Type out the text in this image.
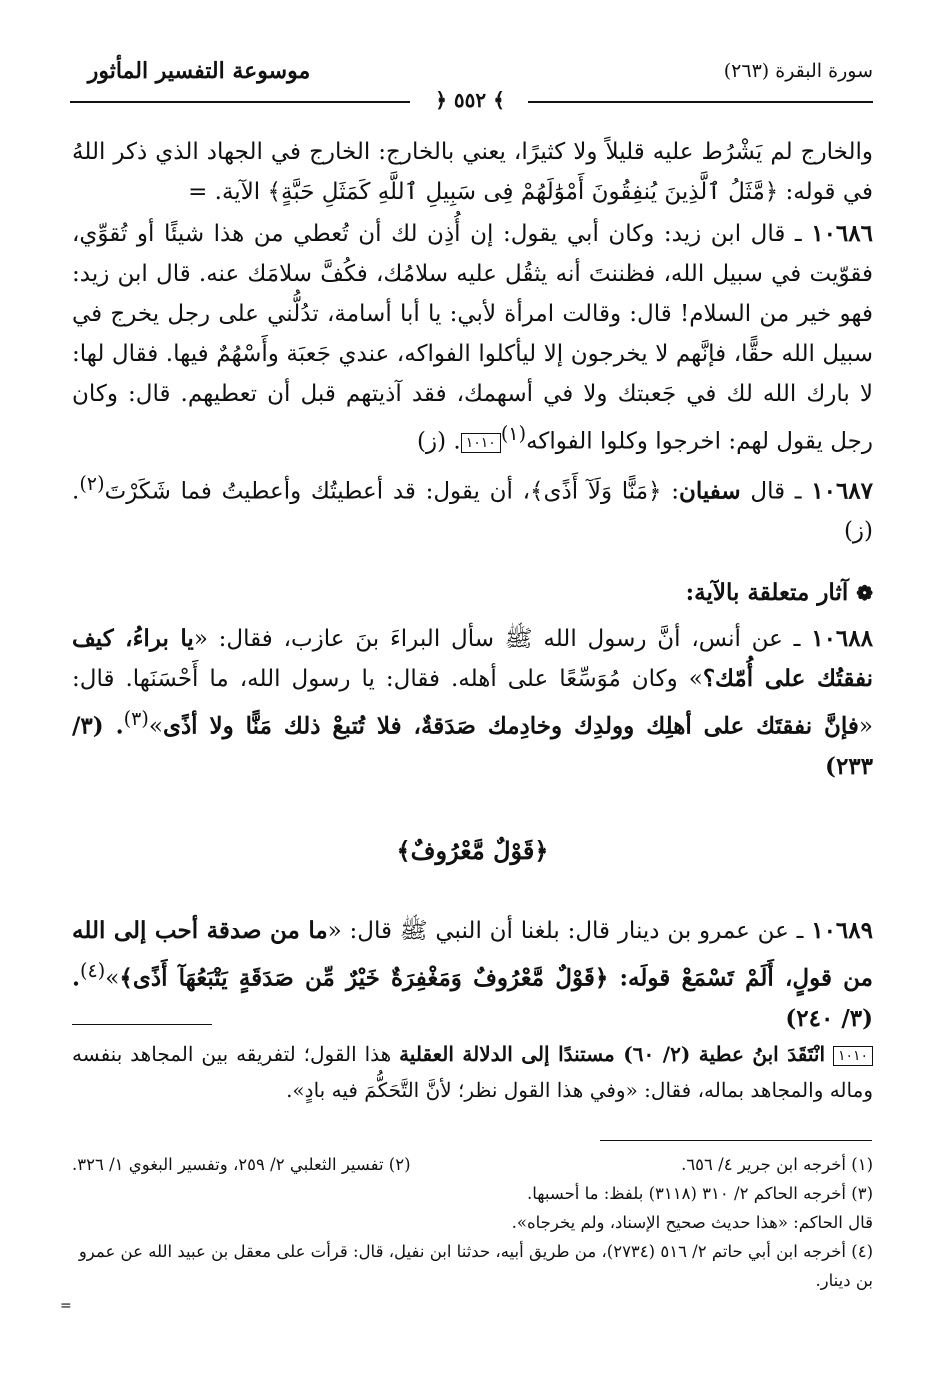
موسوعة التفسير المأثور	سورة البقرة (٢٦٣)
﴾ ٥٥٢ ﴿

والخارج لم يَشْرُط عليه قليلاً ولا كثيرًا، يعني بالخارج: الخارج في الجهاد الذي ذكر اللهُ في قوله: ﴿مَّثَلُ ٱلَّذِينَ يُنفِقُونَ أَمْوَٰلَهُمْ فِى سَبِيلِ ٱللَّهِ كَمَثَلِ حَبَّةٍ﴾ الآية. =

١٠٦٨٦ ـ قال ابن زيد: وكان أبي يقول: إن أُذِن لك أن تُعطي من هذا شيئًا أو تُقوِّي، فقوّيت في سبيل الله، فظننتَ أنه يثقُل عليه سلامُك، فكُفَّ سلامَك عنه. قال ابن زيد: فهو خير من السلام! قال: وقالت امرأة لأبي: يا أبا أسامة، تدُلُّني على رجل يخرج في سبيل الله حقًّا، فإنَّهم لا يخرجون إلا ليأكلوا الفواكه، عندي جَعبَة وأَسْهُمٌ فيها. فقال لها: لا بارك الله لك في جَعبتك ولا في أسهمك، فقد آذيتهم قبل أن تعطيهم. قال: وكان رجل يقول لهم: اخرجوا وكلوا الفواكه$^{(١)}$١٠١٠. (ز)

١٠٦٨٧ ـ قال سفيان: ﴿مَنًّا وَلَآ أَذًى﴾، أن يقول: قد أعطيتُك وأعطيتُ فما شَكَرْتَ$^{(٢)}$. (ز)

❁آثار متعلقة بالآية:

١٠٦٨٨ ـ عن أنس، أنَّ رسول الله ﷺ سأل البراءَ بنَ عازب، فقال: «يا براءُ، كيف نفقتُك على أُمّك؟» وكان مُوَسِّعًا على أهله. فقال: يا رسول الله، ما أَحْسَنَها. قال: «فإنَّ نفقتَك على أهلِك وولدِك وخادِمك صَدَقةٌ، فلا تُتبعْ ذلك مَنًّا ولا أذًى»$^{(٣)}$. (٣/ ٢٣٣)

﴿قَوْلٌ مَّعْرُوفٌ﴾

١٠٦٨٩ ـ عن عمرو بن دينار قال: بلغنا أن النبي ﷺ قال: «ما من صدقة أحب إلى الله من قولٍ، أَلَمْ تَسْمَعْ قولَه: ﴿قَوْلٌ مَّعْرُوفٌ وَمَغْفِرَةٌ خَيْرٌ مِّن صَدَقَةٍ يَتْبَعُهَآ أَذًى﴾»$^{(٤)}$. (٣/ ٢٤٠)

١٠١٠ انْتَقَدَ ابنُ عطية (٢/ ٦٠) مستندًا إلى الدلالة العقلية هذا القول؛ لتفريقه بين المجاهد بنفسه وماله والمجاهد بماله، فقال: «وفي هذا القول نظر؛ لأنَّ التَّحَكُّمَ فيه بادٍ».
(١) أخرجه ابن جرير ٤/ ٦٥٦.
(٢) تفسير الثعلبي ٢/ ٢٥٩، وتفسير البغوي ١/ ٣٢٦.
(٣) أخرجه الحاكم ٢/ ٣١٠ (٣١١٨) بلفظ: ما أحسبها.
قال الحاكم: «هذا حديث صحيح الإسناد، ولم يخرجاه».
(٤) أخرجه ابن أبي حاتم ٢/ ٥١٦ (٢٧٣٤)، من طريق أبيه، حدثنا ابن نفيل، قال: قرأت على معقل بن عبيد الله عن عمرو بن دينار.
=
